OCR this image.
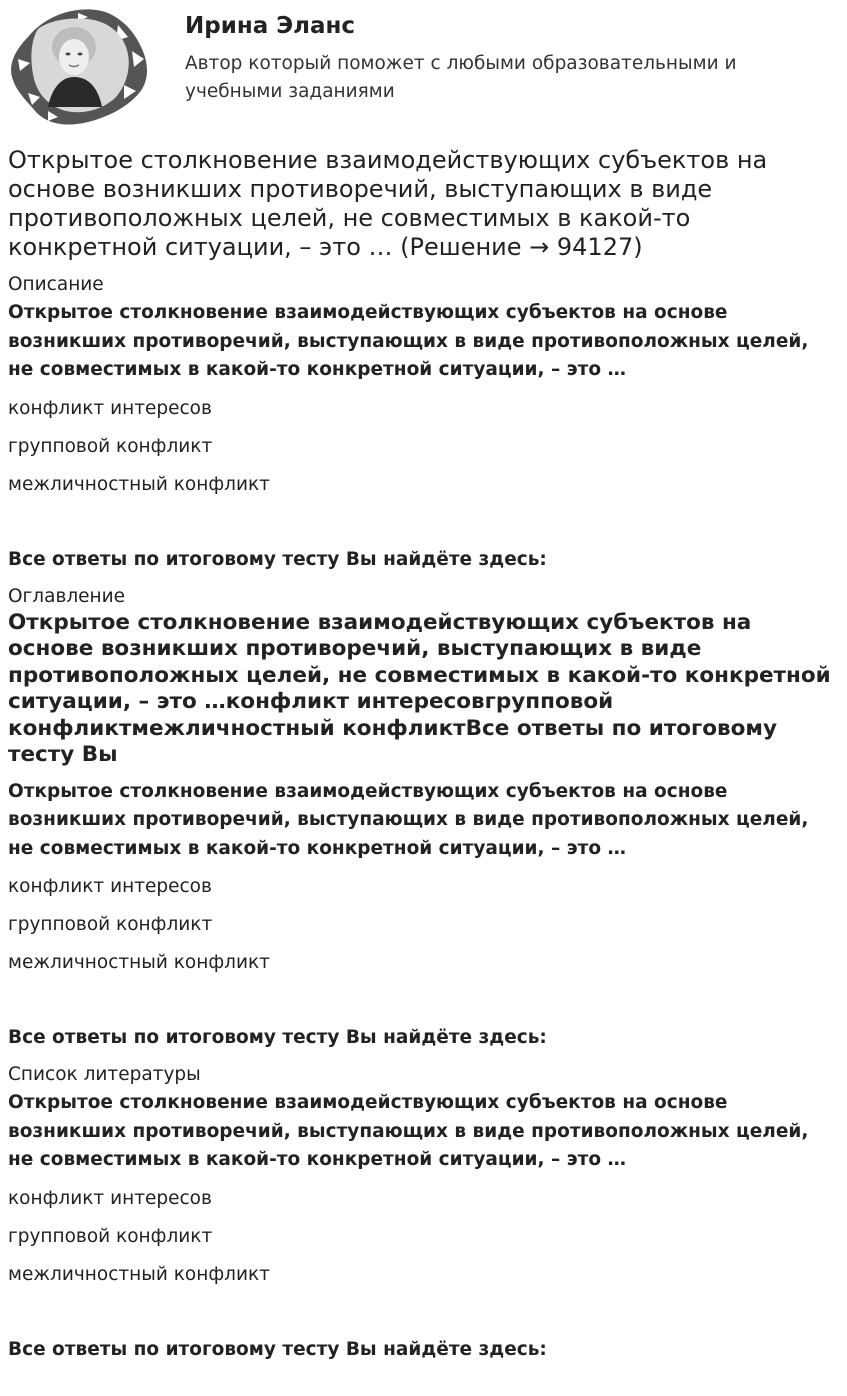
Ирина Эланс
Автор который поможет с любыми образовательными и учебными заданиями
Открытое столкновение взаимодействующих субъектов на основе возникших противоречий, выступающих в виде противоположных целей, не совместимых в какой-то конкретной ситуации, – это … (Решение → 94127)
Описание
Открытое столкновение взаимодействующих субъектов на основе возникших противоречий, выступающих в виде противоположных целей, не совместимых в какой-то конкретной ситуации, – это …
конфликт интересов
групповой конфликт
межличностный конфликт
Все ответы по итоговому тесту Вы найдёте здесь:
Оглавление
Открытое столкновение взаимодействующих субъектов на основе возникших противоречий, выступающих в виде противоположных целей, не совместимых в какой-то конкретной ситуации, – это …конфликт интересовгрупповой конфликтмежличностный конфликтВсе ответы по итоговому тесту Вы
Открытое столкновение взаимодействующих субъектов на основе возникших противоречий, выступающих в виде противоположных целей, не совместимых в какой-то конкретной ситуации, – это …
конфликт интересов
групповой конфликт
межличностный конфликт
Все ответы по итоговому тесту Вы найдёте здесь:
Список литературы
Открытое столкновение взаимодействующих субъектов на основе возникших противоречий, выступающих в виде противоположных целей, не совместимых в какой-то конкретной ситуации, – это …
конфликт интересов
групповой конфликт
межличностный конфликт
Все ответы по итоговому тесту Вы найдёте здесь:
